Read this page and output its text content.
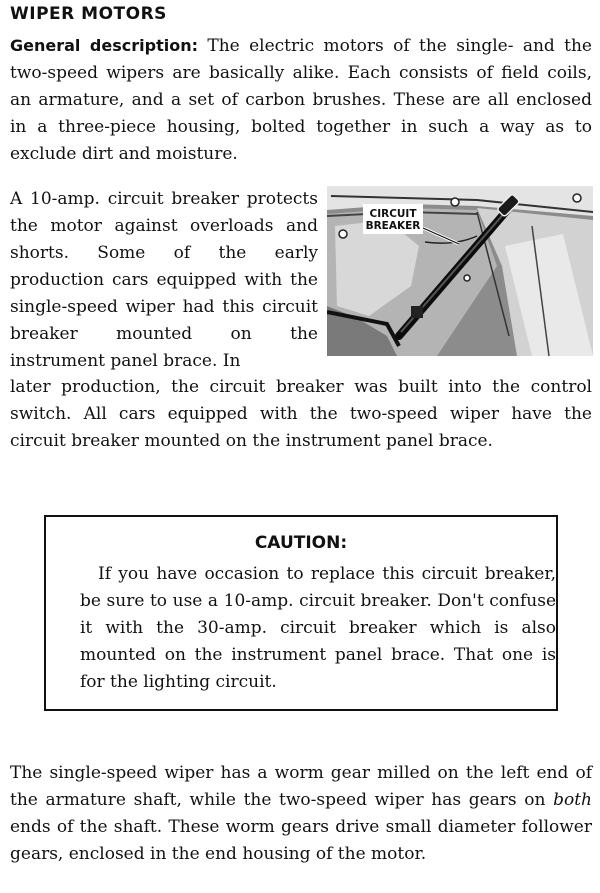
WIPER MOTORS

General description: The electric motors of the single- and the two-speed wipers are basically alike. Each consists of field coils, an armature, and a set of carbon brushes. These are all enclosed in a three-piece housing, bolted together in such a way as to exclude dirt and moisture.

A 10-amp. circuit breaker protects the motor against overloads and shorts. Some of the early production cars equipped with the single-speed wiper had this circuit breaker mounted on the instrument panel brace. In

CIRCUIT BREAKER

later production, the circuit breaker was built into the control switch. All cars equipped with the two-speed wiper have the circuit breaker mounted on the instrument panel brace.

CAUTION:

If you have occasion to replace this circuit breaker, be sure to use a 10-amp. circuit breaker. Don't confuse it with the 30-amp. circuit breaker which is also mounted on the instrument panel brace. That one is for the lighting circuit.

The single-speed wiper has a worm gear milled on the left end of the armature shaft, while the two-speed wiper has gears on both ends of the shaft. These worm gears drive small diameter follower gears, enclosed in the end housing of the motor.
